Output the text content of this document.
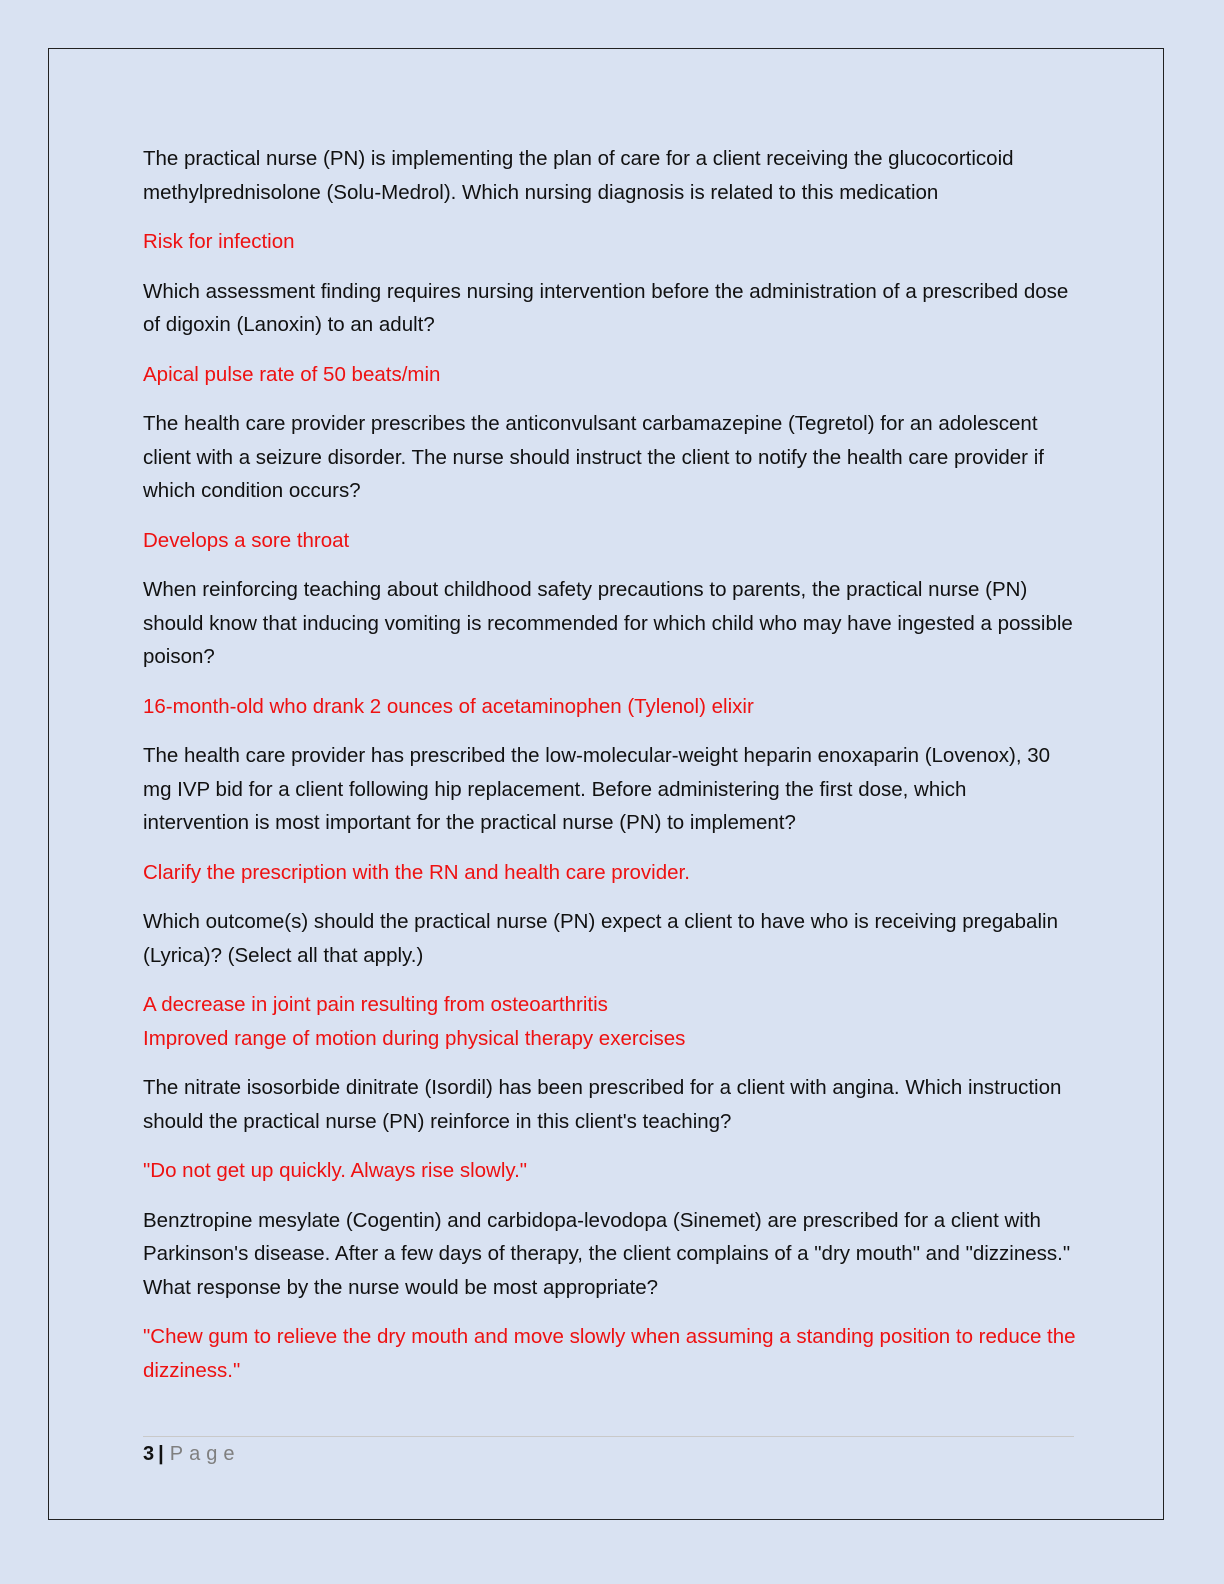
The practical nurse (PN) is implementing the plan of care for a client receiving the glucocorticoid methylprednisolone (Solu-Medrol). Which nursing diagnosis is related to this medication

Risk for infection

Which assessment finding requires nursing intervention before the administration of a prescribed dose of digoxin (Lanoxin) to an adult?

Apical pulse rate of 50 beats/min

The health care provider prescribes the anticonvulsant carbamazepine (Tegretol) for an adolescent client with a seizure disorder. The nurse should instruct the client to notify the health care provider if which condition occurs?

Develops a sore throat

When reinforcing teaching about childhood safety precautions to parents, the practical nurse (PN) should know that inducing vomiting is recommended for which child who may have ingested a possible poison?

16-month-old who drank 2 ounces of acetaminophen (Tylenol) elixir

The health care provider has prescribed the low-molecular-weight heparin enoxaparin (Lovenox), 30 mg IVP bid for a client following hip replacement. Before administering the first dose, which intervention is most important for the practical nurse (PN) to implement?

Clarify the prescription with the RN and health care provider.

Which outcome(s) should the practical nurse (PN) expect a client to have who is receiving pregabalin (Lyrica)? (Select all that apply.)

A decrease in joint pain resulting from osteoarthritis
Improved range of motion during physical therapy exercises

The nitrate isosorbide dinitrate (Isordil) has been prescribed for a client with angina. Which instruction should the practical nurse (PN) reinforce in this client's teaching?

"Do not get up quickly. Always rise slowly."

Benztropine mesylate (Cogentin) and carbidopa-levodopa (Sinemet) are prescribed for a client with Parkinson's disease. After a few days of therapy, the client complains of a "dry mouth" and "dizziness." What response by the nurse would be most appropriate?

"Chew gum to relieve the dry mouth and move slowly when assuming a standing position to reduce the dizziness."

3 | Page
